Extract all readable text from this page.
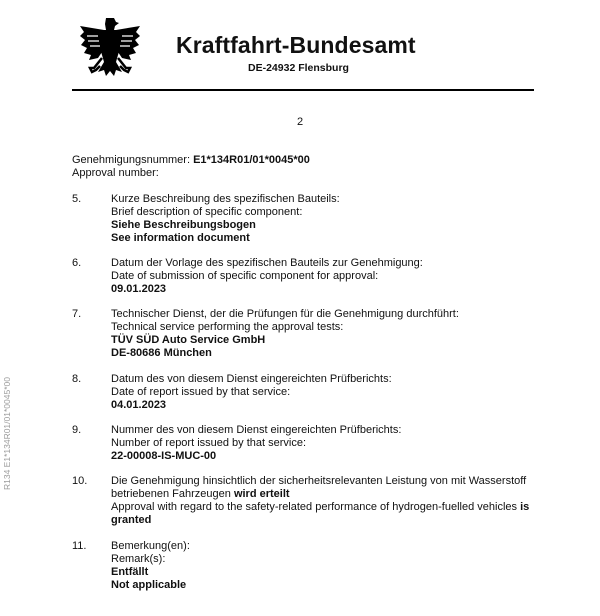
Kraftfahrt-Bundesamt
DE-24932 Flensburg
2
R134 E1*134R01/01*0045*00
Genehmigungsnummer: E1*134R01/01*0045*00
Approval number:
5.	Kurze Beschreibung des spezifischen Bauteils:
Brief description of specific component:
Siehe Beschreibungsbogen
See information document
6.	Datum der Vorlage des spezifischen Bauteils zur Genehmigung:
Date of submission of specific component for approval:
09.01.2023
7.	Technischer Dienst, der die Prüfungen für die Genehmigung durchführt:
Technical service performing the approval tests:
TÜV SÜD Auto Service GmbH
DE-80686 München
8.	Datum des von diesem Dienst eingereichten Prüfberichts:
Date of report issued by that service:
04.01.2023
9.	Nummer des von diesem Dienst eingereichten Prüfberichts:
Number of report issued by that service:
22-00008-IS-MUC-00
10. Die Genehmigung hinsichtlich der sicherheitsrelevanten Leistung von mit Wasserstoff
betriebenen Fahrzeugen wird erteilt
Approval with regard to the safety-related performance of hydrogen-fuelled vehicles is
granted
11. Bemerkung(en):
Remark(s):
Entfällt
Not applicable
